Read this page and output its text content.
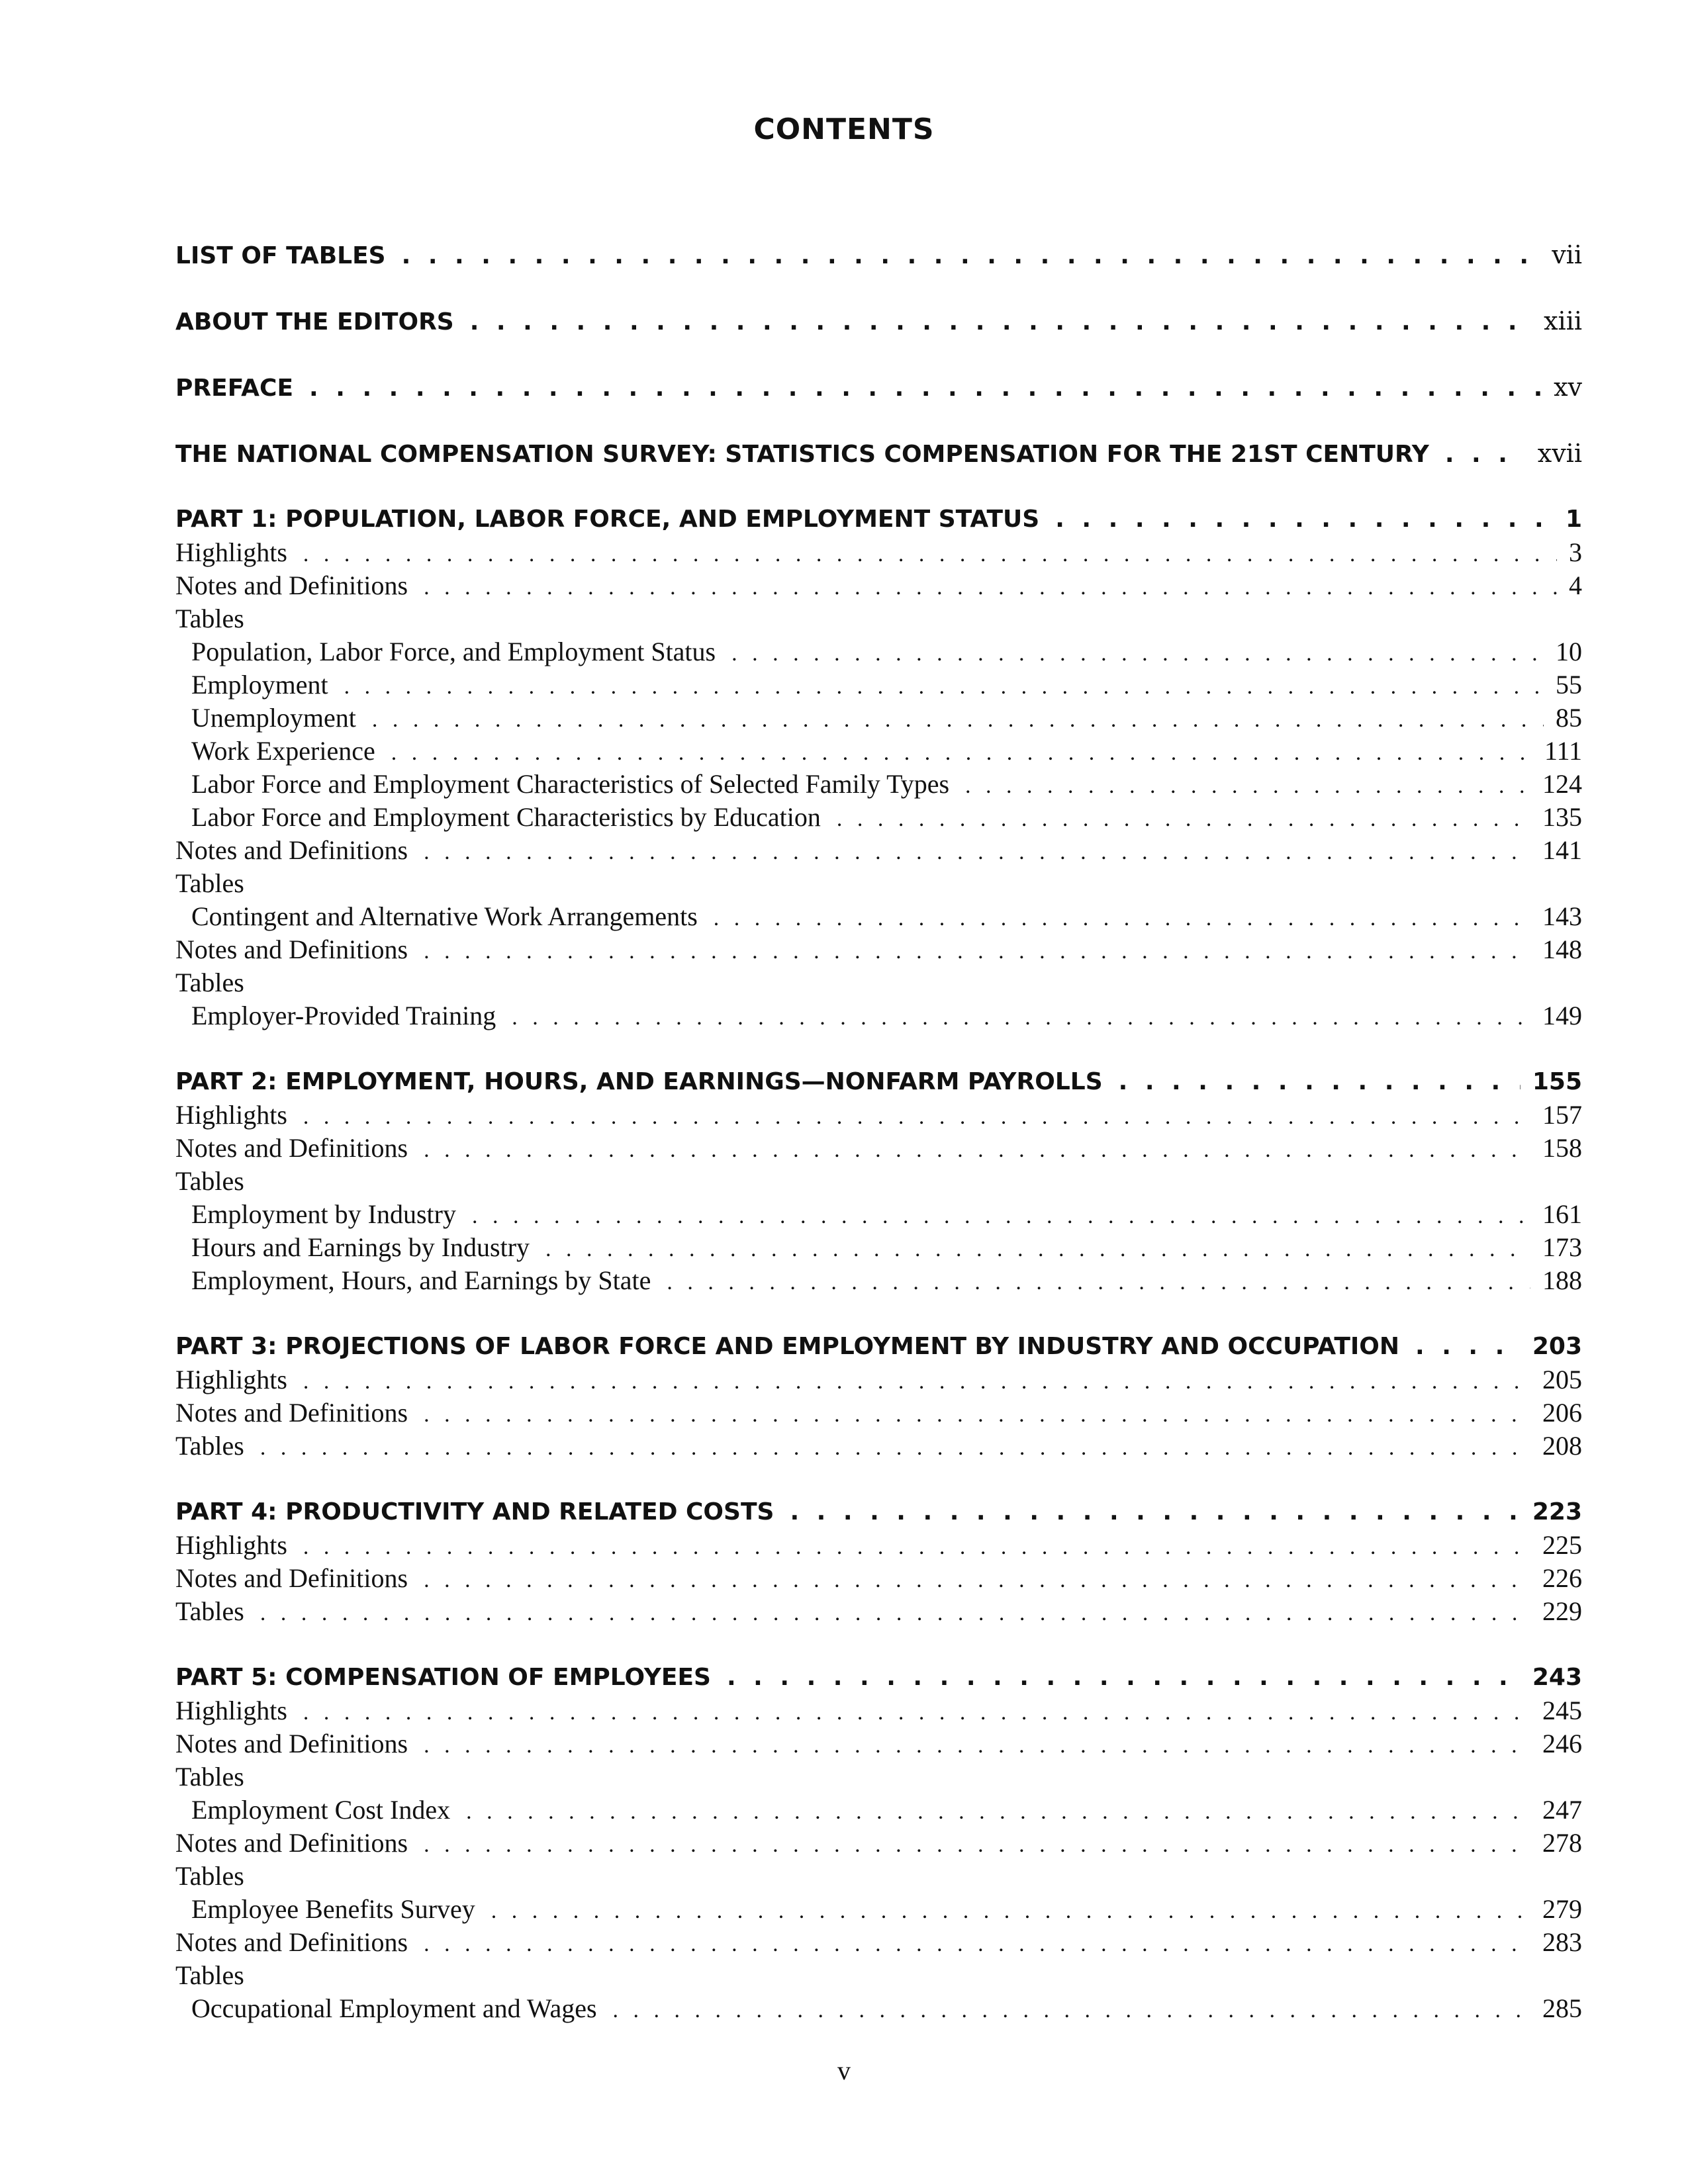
CONTENTS
LIST OF TABLES . . .	vii
ABOUT THE EDITORS . . .	xiii
PREFACE . . .	xv
THE NATIONAL COMPENSATION SURVEY: STATISTICS COMPENSATION FOR THE 21ST CENTURY . . .	xvii
PART 1: POPULATION, LABOR FORCE, AND EMPLOYMENT STATUS . . .	1
Highlights . . .	3
Notes and Definitions . . .	4
Tables
Population, Labor Force, and Employment Status . . .	10
Employment . . .	55
Unemployment . . .	85
Work Experience . . .	111
Labor Force and Employment Characteristics of Selected Family Types . . .	124
Labor Force and Employment Characteristics by Education . . .	135
Notes and Definitions . . .	141
Tables
Contingent and Alternative Work Arrangements . . .	143
Notes and Definitions . . .	148
Tables
Employer-Provided Training . . .	149
PART 2: EMPLOYMENT, HOURS, AND EARNINGS—NONFARM PAYROLLS . . .	155
Highlights . . .	157
Notes and Definitions . . .	158
Tables
Employment by Industry . . .	161
Hours and Earnings by Industry . . .	173
Employment, Hours, and Earnings by State . . .	188
PART 3: PROJECTIONS OF LABOR FORCE AND EMPLOYMENT BY INDUSTRY AND OCCUPATION . . .	203
Highlights . . .	205
Notes and Definitions . . .	206
Tables . . .	208
PART 4: PRODUCTIVITY AND RELATED COSTS . . .	223
Highlights . . .	225
Notes and Definitions . . .	226
Tables . . .	229
PART 5: COMPENSATION OF EMPLOYEES . . .	243
Highlights . . .	245
Notes and Definitions . . .	246
Tables
Employment Cost Index . . .	247
Notes and Definitions . . .	278
Tables
Employee Benefits Survey . . .	279
Notes and Definitions . . .	283
Tables
Occupational Employment and Wages . . .	285
v
